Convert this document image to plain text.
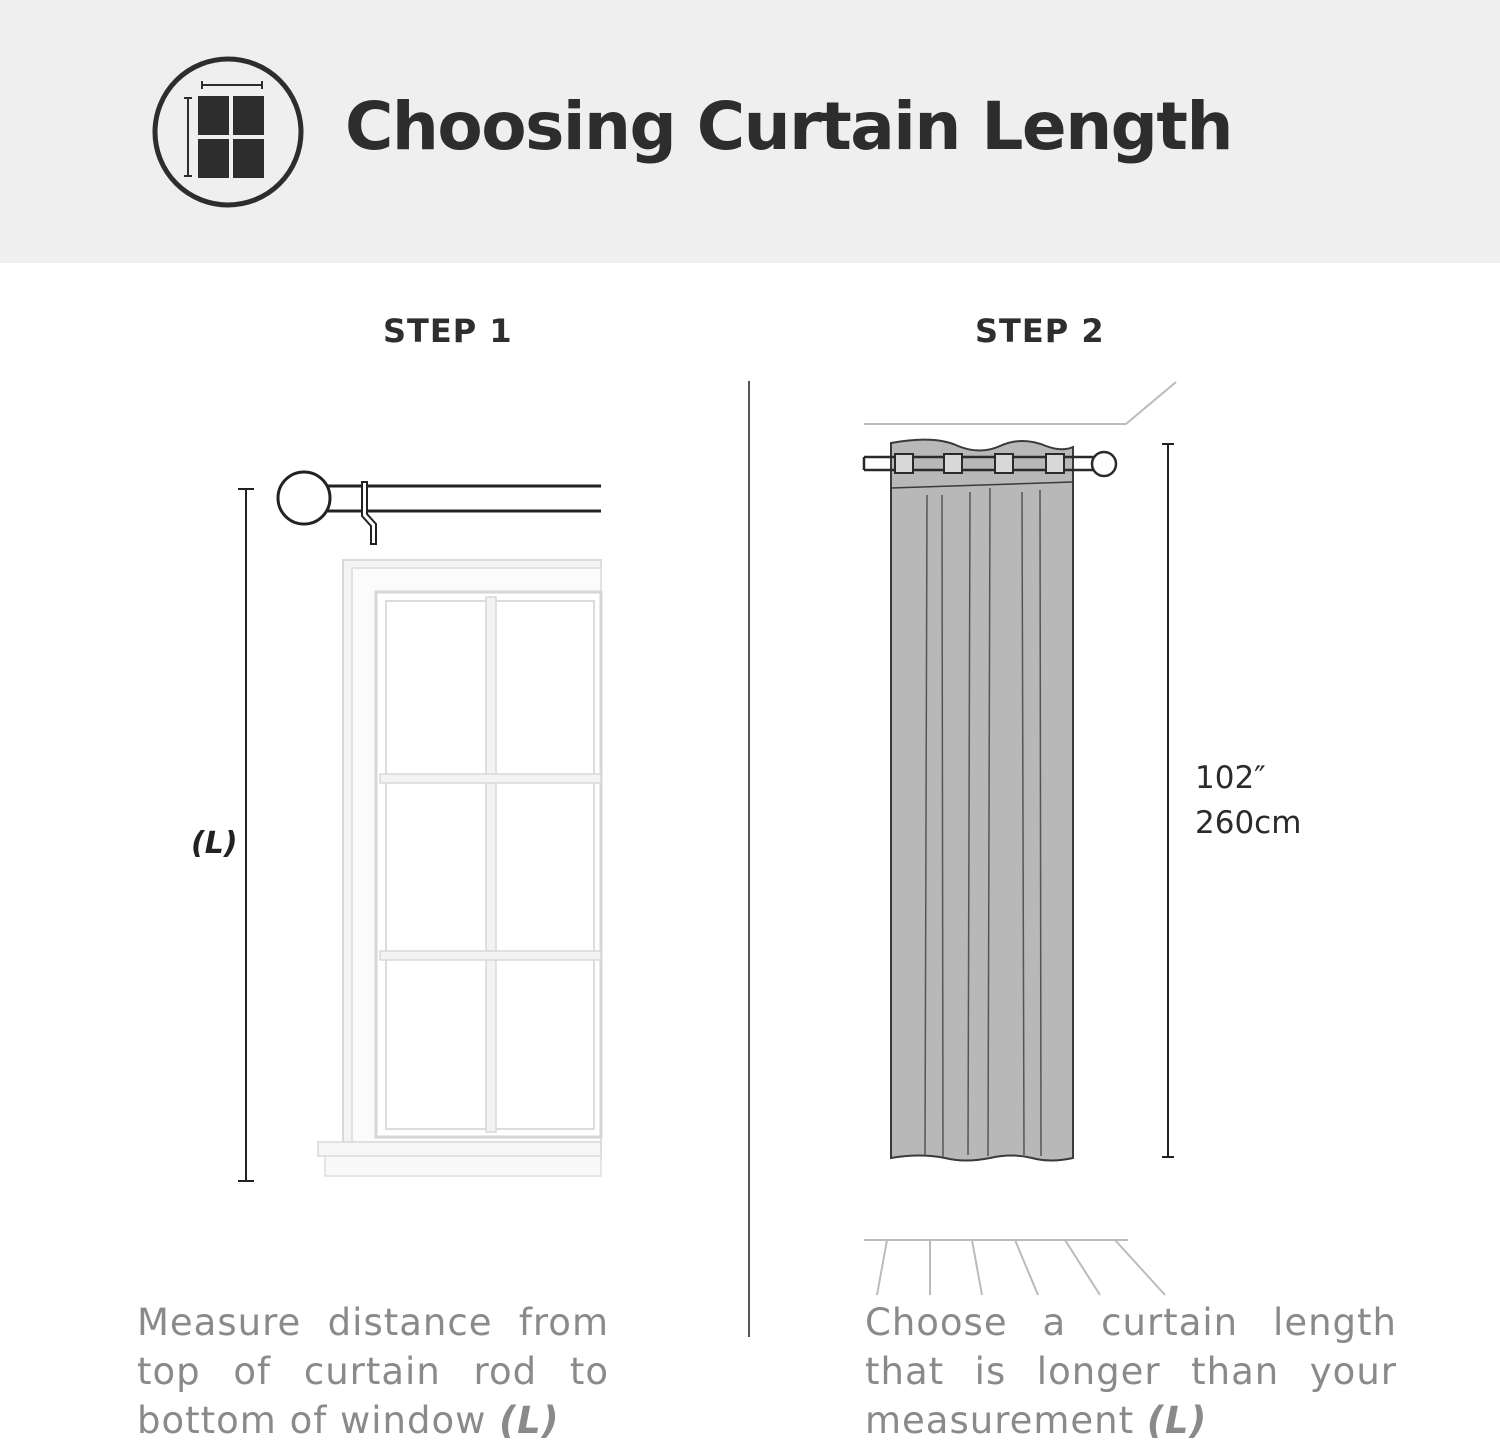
Choosing Curtain Length
STEP 1	STEP 2
(L)
102″
260cm
Measure distance from top of curtain rod to bottom of window (L)
Choose a curtain length that is longer than your measurement (L)
